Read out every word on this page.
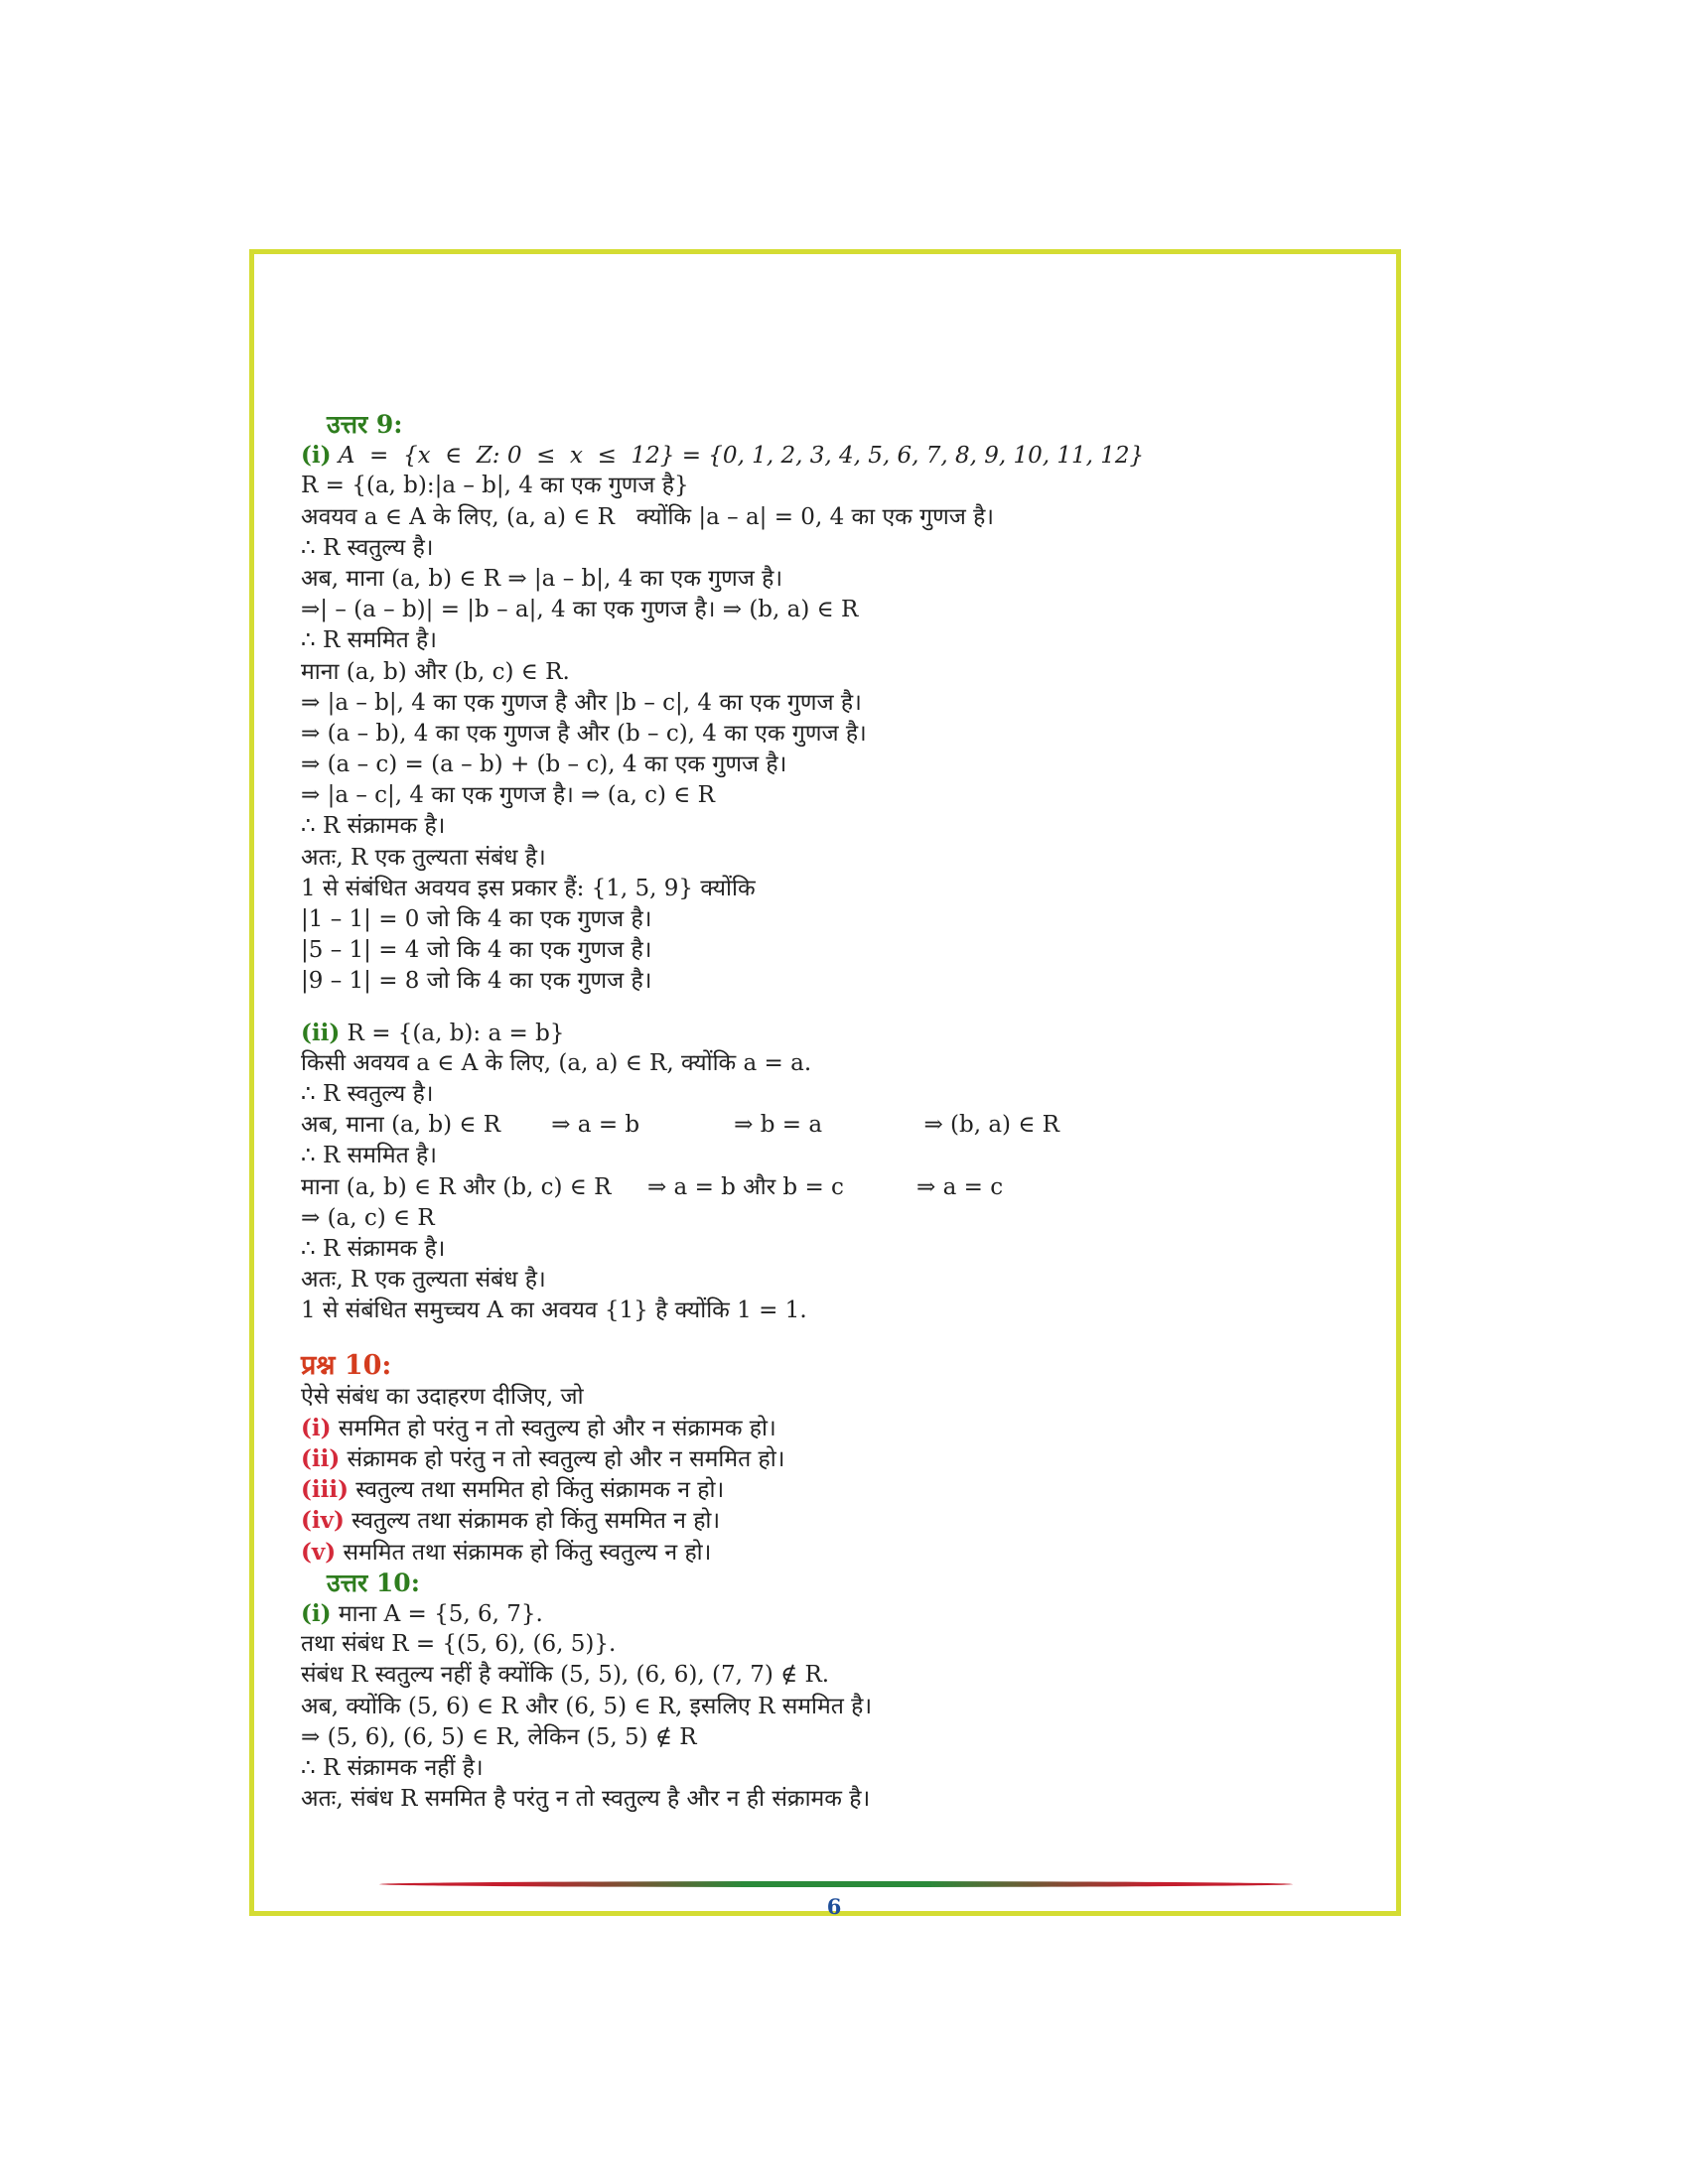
उत्तर 9:
(i) A  =  {x  ∈  Z: 0  ≤  x  ≤  12} = {0, 1, 2, 3, 4, 5, 6, 7, 8, 9, 10, 11, 12}
R = {(a, b):|a – b|, 4 का एक गुणज है}
अवयव a ∈ A के लिए, (a, a) ∈ R   क्योंकि |a – a| = 0, 4 का एक गुणज है।
∴ R स्वतुल्य है।
अब, माना (a, b) ∈ R ⇒ |a – b|, 4 का एक गुणज है।
⇒| – (a – b)| = |b – a|, 4 का एक गुणज है। ⇒ (b, a) ∈ R
∴ R सममित है।
माना (a, b) और (b, c) ∈ R.
⇒ |a – b|, 4 का एक गुणज है और |b – c|, 4 का एक गुणज है।
⇒ (a – b), 4 का एक गुणज है और (b – c), 4 का एक गुणज है।
⇒ (a – c) = (a – b) + (b – c), 4 का एक गुणज है।
⇒ |a – c|, 4 का एक गुणज है। ⇒ (a, c) ∈ R
∴ R संक्रामक है।
अतः, R एक तुल्यता संबंध है।
1 से संबंधित अवयव इस प्रकार हैं: {1, 5, 9} क्योंकि
|1 – 1| = 0 जो कि 4 का एक गुणज है।
|5 – 1| = 4 जो कि 4 का एक गुणज है।
|9 – 1| = 8 जो कि 4 का एक गुणज है।
(ii) R = {(a, b): a = b}
किसी अवयव a ∈ A के लिए, (a, a) ∈ R, क्योंकि a = a.
∴ R स्वतुल्य है।
अब, माना (a, b) ∈ R       ⇒ a = b             ⇒ b = a              ⇒ (b, a) ∈ R
∴ R सममित है।
माना (a, b) ∈ R और (b, c) ∈ R     ⇒ a = b और b = c          ⇒ a = c
⇒ (a, c) ∈ R
∴ R संक्रामक है।
अतः, R एक तुल्यता संबंध है।
1 से संबंधित समुच्चय A का अवयव {1} है क्योंकि 1 = 1.
प्रश्न 10:
ऐसे संबंध का उदाहरण दीजिए, जो
(i) सममित हो परंतु न तो स्वतुल्य हो और न संक्रामक हो।
(ii) संक्रामक हो परंतु न तो स्वतुल्य हो और न सममित हो।
(iii) स्वतुल्य तथा सममित हो किंतु संक्रामक न हो।
(iv) स्वतुल्य तथा संक्रामक हो किंतु सममित न हो।
(v) सममित तथा संक्रामक हो किंतु स्वतुल्य न हो।
उत्तर 10:
(i) माना A = {5, 6, 7}.
तथा संबंध R = {(5, 6), (6, 5)}.
संबंध R स्वतुल्य नहीं है क्योंकि (5, 5), (6, 6), (7, 7) ∉ R.
अब, क्योंकि (5, 6) ∈ R और (6, 5) ∈ R, इसलिए R सममित है।
⇒ (5, 6), (6, 5) ∈ R, लेकिन (5, 5) ∉ R
∴ R संक्रामक नहीं है।
अतः, संबंध R सममित है परंतु न तो स्वतुल्य है और न ही संक्रामक है।
6
